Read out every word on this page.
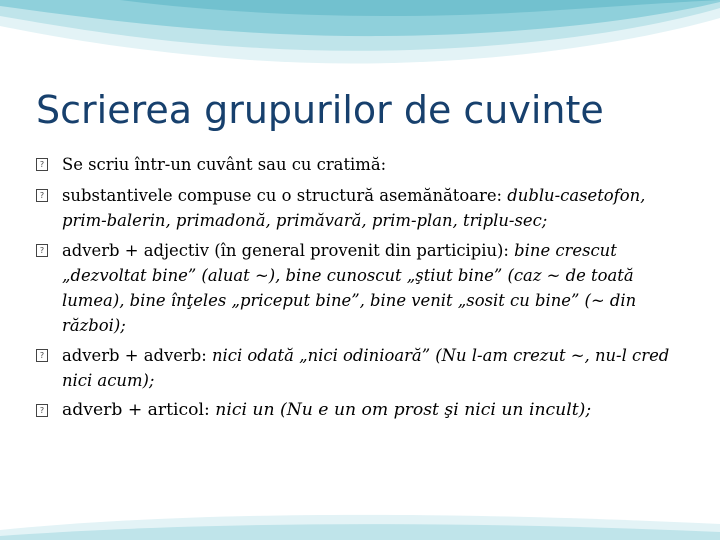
Scrierea grupurilor de cuvinte

? Se scriu într-un cuvânt sau cu cratimă:

? substantivele compuse cu o structură asemănătoare: dublu-casetofon, prim-balerin, primadonă, primăvară, prim-plan, triplu-sec;

? adverb + adjectiv (în general provenit din participiu): bine crescut „dezvoltat bine” (aluat ~), bine cunoscut „ştiut bine” (caz ~ de toată lumea), bine înţeles „priceput bine”, bine venit „sosit cu bine” (~ din război);

? adverb + adverb: nici odată „nici odinioară” (Nu l-am crezut ~, nu-l cred nici acum);

? adverb + articol: nici un (Nu e un om prost şi nici un incult);
